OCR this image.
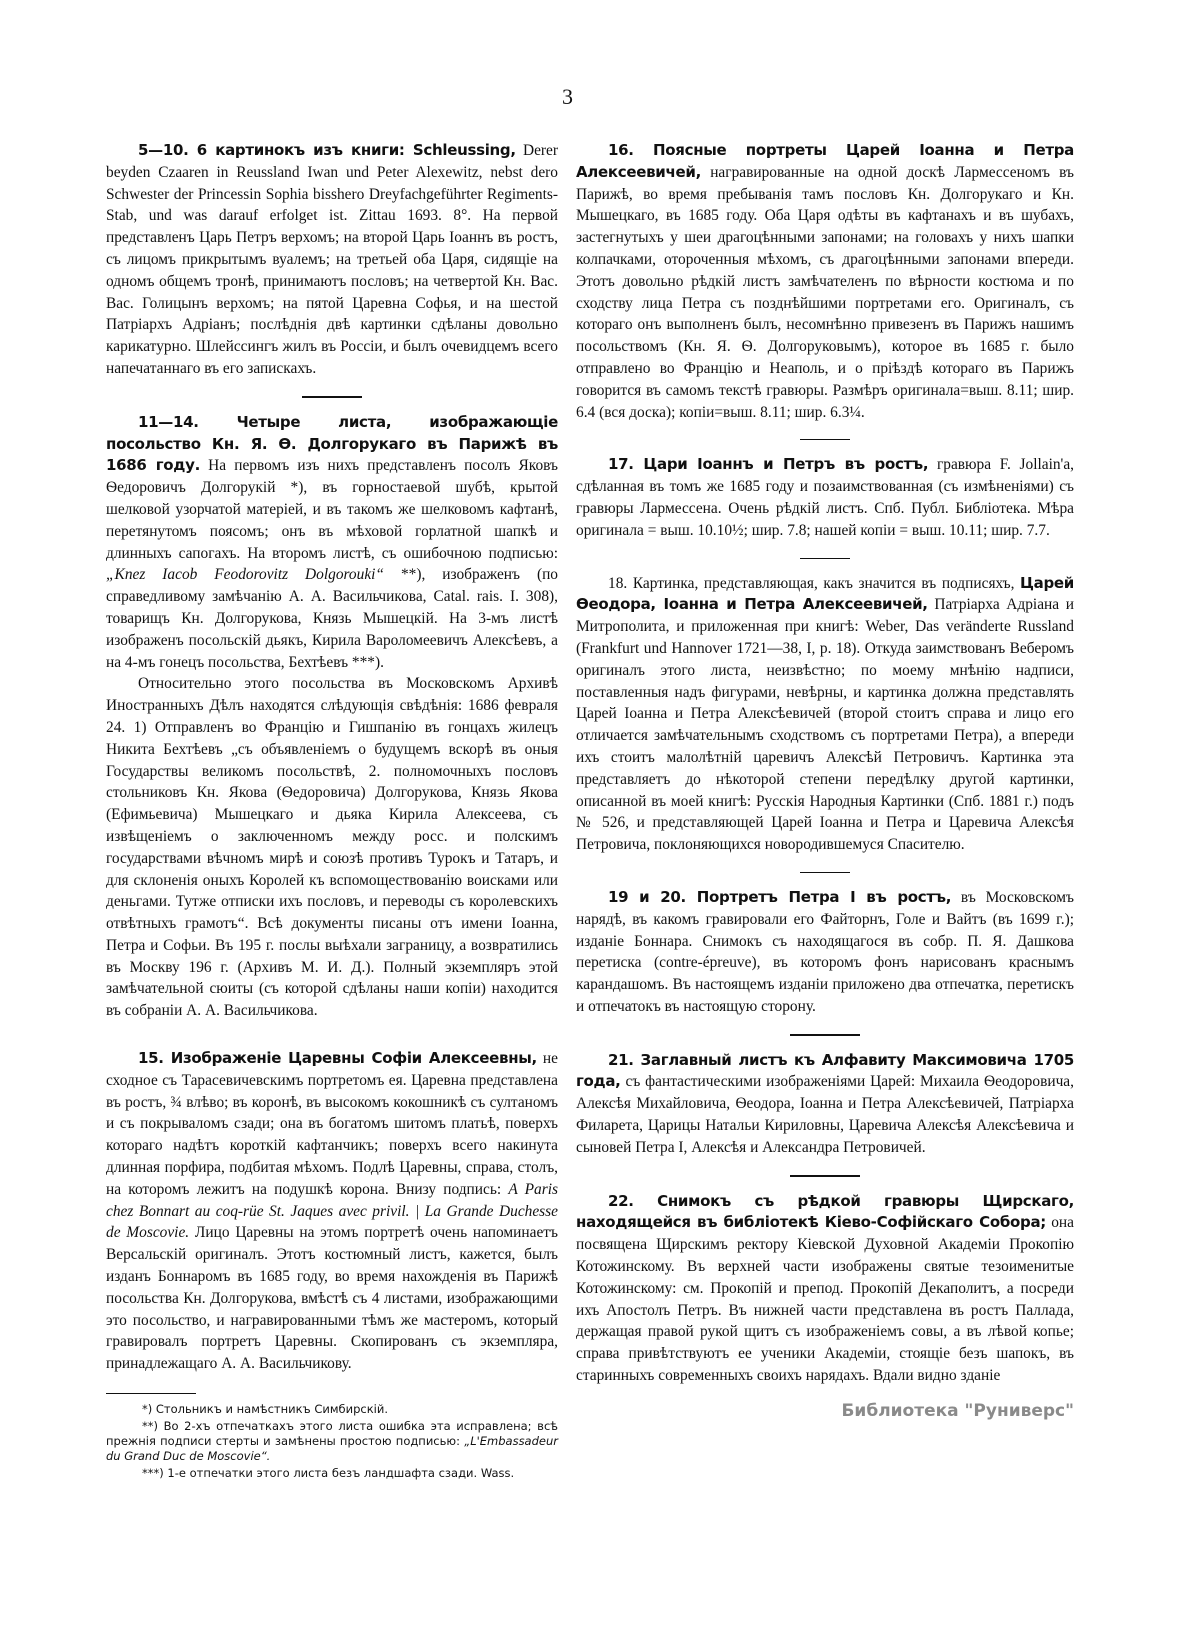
3

5—10. 6 картинокъ изъ книги: Schleussing, Derer beyden Czaaren in Reussland Iwan und Peter Alexewitz, nebst dero Schwester der Princessin Sophia bisshero Dreyfachgeführter Regiments-Stab, und was darauf erfolget ist. Zittau 1693. 8°. На первой представленъ Царь Петръ верхомъ; на второй Царь Іоаннъ въ ростъ, съ лицомъ прикрытымъ вуалемъ; на третьей оба Царя, сидящіе на одномъ общемъ тронѣ, принимаютъ пословъ; на четвертой Кн. Вас. Вас. Голицынъ верхомъ; на пятой Царевна Софья, и на шестой Патріархъ Адріанъ; послѣднія двѣ картинки сдѣланы довольно карикатурно. Шлейссингъ жилъ въ Россіи, и былъ очевидцемъ всего напечатаннаго въ его запискахъ.

11—14. Четыре листа, изображающіе посольство Кн. Я. Ѳ. Долгорукаго въ Парижѣ въ 1686 году. На первомъ изъ нихъ представленъ посолъ Яковъ Ѳедоровичъ Долгорукій *), въ горностаевой шубѣ, крытой шелковой узорчатой матеріей, и въ такомъ же шелковомъ кафтанѣ, перетянутомъ поясомъ; онъ въ мѣховой горлатной шапкѣ и длинныхъ сапогахъ. На второмъ листѣ, съ ошибочною подписью: „Knez Iacob Feodorovitz Dolgorouki“ **), изображенъ (по справедливому замѣчанію А. А. Васильчикова, Catal. rais. I. 308), товарищъ Кн. Долгорукова, Князь Мышецкій. На 3-мъ листѣ изображенъ посольскій дьякъ, Кирила Вароломеевичъ Алексѣевъ, а на 4-мъ гонецъ посольства, Бехтѣевъ ***).

Относительно этого посольства въ Московскомъ Архивѣ Иностранныхъ Дѣлъ находятся слѣдующія свѣдѣнія: 1686 февраля 24. 1) Отправленъ во Францію и Гишпанію въ гонцахъ жилецъ Никита Бехтѣевъ „съ объявленіемъ о будущемъ вскорѣ въ оныя Государствы великомъ посольствѣ, 2. полномочныхъ пословъ стольниковъ Кн. Якова (Ѳедоровича) Долгорукова, Князь Якова (Ефимьевича) Мышецкаго и дьяка Кирила Алексеева, съ извѣщеніемъ о заключенномъ между росс. и полскимъ государствами вѣчномъ мирѣ и союзѣ противъ Турокъ и Татаръ, и для склоненія оныхъ Королей къ вспомоществованію воисками или деньгами. Тутже отписки ихъ пословъ, и переводы съ королевскихъ отвѣтныхъ грамотъ“. Всѣ документы писаны отъ имени Іоанна, Петра и Софьи. Въ 195 г. послы выѣхали заграницу, а возвратились въ Москву 196 г. (Архивъ М. И. Д.). Полный экземпляръ этой замѣчательной сюиты (съ которой сдѣланы наши копіи) находится въ собраніи А. А. Васильчикова.

15. Изображеніе Царевны Софіи Алексеевны, не сходное съ Тарасевичевскимъ портретомъ ея. Царевна представлена въ ростъ, ¾ влѣво; въ коронѣ, въ высокомъ кокошникѣ съ султаномъ и съ покрываломъ сзади; она въ богатомъ шитомъ платьѣ, поверхъ котораго надѣтъ короткій кафтанчикъ; поверхъ всего накинута длинная порфира, подбитая мѣхомъ. Подлѣ Царевны, справа, столъ, на которомъ лежитъ на подушкѣ корона. Внизу подпись: A Paris chez Bonnart au coq-rüe St. Jaques avec privil. | La Grande Duchesse de Moscovie. Лицо Царевны на этомъ портретѣ очень напоминаетъ Версальскій оригиналъ. Этотъ костюмный листъ, кажется, былъ изданъ Боннаромъ въ 1685 году, во время нахожденія въ Парижѣ посольства Кн. Долгорукова, вмѣстѣ съ 4 листами, изображающими это посольство, и награвированными тѣмъ же мастеромъ, который гравировалъ портретъ Царевны. Скопированъ съ экземпляра, принадлежащаго А. А. Васильчикову.

*) Стольникъ и намѣстникъ Симбирскій.

**) Во 2-хъ отпечаткахъ этого листа ошибка эта исправлена; всѣ прежнія подписи стерты и замѣнены простою подписью: „L'Embassadeur du Grand Duc de Moscovie“.

***) 1-е отпечатки этого листа безъ ландшафта сзади. Wass.

16. Поясные портреты Царей Іоанна и Петра Алексеевичей, награвированные на одной доскѣ Лармессеномъ въ Парижѣ, во время пребыванія тамъ пословъ Кн. Долгорукаго и Кн. Мышецкаго, въ 1685 году. Оба Царя одѣты въ кафтанахъ и въ шубахъ, застегнутыхъ у шеи драгоцѣнными запонами; на головахъ у нихъ шапки колпачками, отороченныя мѣхомъ, съ драгоцѣнными запонами впереди. Этотъ довольно рѣдкій листъ замѣчателенъ по вѣрности костюма и по сходству лица Петра съ позднѣйшими портретами его. Оригиналъ, съ котораго онъ выполненъ былъ, несомнѣнно привезенъ въ Парижъ нашимъ посольствомъ (Кн. Я. Ѳ. Долгоруковымъ), которое въ 1685 г. было отправлено во Францію и Неаполь, и о пріѣздѣ котораго въ Парижъ говорится въ самомъ текстѣ гравюры. Размѣръ оригинала=выш. 8.11; шир. 6.4 (вся доска); копіи=выш. 8.11; шир. 6.3¼.

17. Цари Іоаннъ и Петръ въ ростъ, гравюра F. Jollain'a, сдѣланная въ томъ же 1685 году и позаимствованная (съ измѣненіями) съ гравюры Лармессена. Очень рѣдкій листъ. Спб. Публ. Библіотека. Мѣра оригинала = выш. 10.10½; шир. 7.8; нашей копіи = выш. 10.11; шир. 7.7.

18. Картинка, представляющая, какъ значится въ подписяхъ, Царей Ѳеодора, Іоанна и Петра Алексеевичей, Патріарха Адріана и Митрополита, и приложенная при книгѣ: Weber, Das veränderte Russland (Frankfurt und Hannover 1721—38, I, p. 18). Откуда заимствованъ Веберомъ оригиналъ этого листа, неизвѣстно; по моему мнѣнію надписи, поставленныя надъ фигурами, невѣрны, и картинка должна представлять Царей Іоанна и Петра Алексѣевичей (второй стоитъ справа и лицо его отличается замѣчательнымъ сходствомъ съ портретами Петра), а впереди ихъ стоитъ малолѣтній царевичъ Алексѣй Петровичъ. Картинка эта представляетъ до нѣкоторой степени передѣлку другой картинки, описанной въ моей книгѣ: Русскія Народныя Картинки (Спб. 1881 г.) подъ № 526, и представляющей Царей Іоанна и Петра и Царевича Алексѣя Петровича, поклоняющихся новородившемуся Спасителю.

19 и 20. Портретъ Петра I въ ростъ, въ Московскомъ нарядѣ, въ какомъ гравировали его Файторнъ, Голе и Вайтъ (въ 1699 г.); изданіе Боннара. Снимокъ съ находящагося въ собр. П. Я. Дашкова перетиска (contre-épreuve), въ которомъ фонъ нарисованъ краснымъ карандашомъ. Въ настоящемъ изданіи приложено два отпечатка, перетискъ и отпечатокъ въ настоящую сторону.

21. Заглавный листъ къ Алфавиту Максимовича 1705 года, съ фантастическими изображеніями Царей: Михаила Ѳеодоровича, Алексѣя Михайловича, Ѳеодора, Іоанна и Петра Алексѣевичей, Патріарха Филарета, Царицы Натальи Кириловны, Царевича Алексѣя Алексѣевича и сыновей Петра I, Алексѣя и Александра Петровичей.

22. Снимокъ съ рѣдкой гравюры Щирскаго, находящейся въ библіотекѣ Кіево-Софійскаго Собора; она посвящена Щирскимъ ректору Кіевской Духовной Академіи Прокопію Котожинскому. Въ верхней части изображены святые тезоименитые Котожинскому: см. Прокопій и препод. Прокопій Декаполитъ, а посреди ихъ Апостолъ Петръ. Въ нижней части представлена въ ростъ Паллада, держащая правой рукой щитъ съ изображеніемъ совы, а въ лѣвой копье; справа привѣтствуютъ ее ученики Академіи, стоящіе безъ шапокъ, въ старинныхъ современныхъ своихъ нарядахъ. Вдали видно зданіе

Библиотека "Руниверс"
